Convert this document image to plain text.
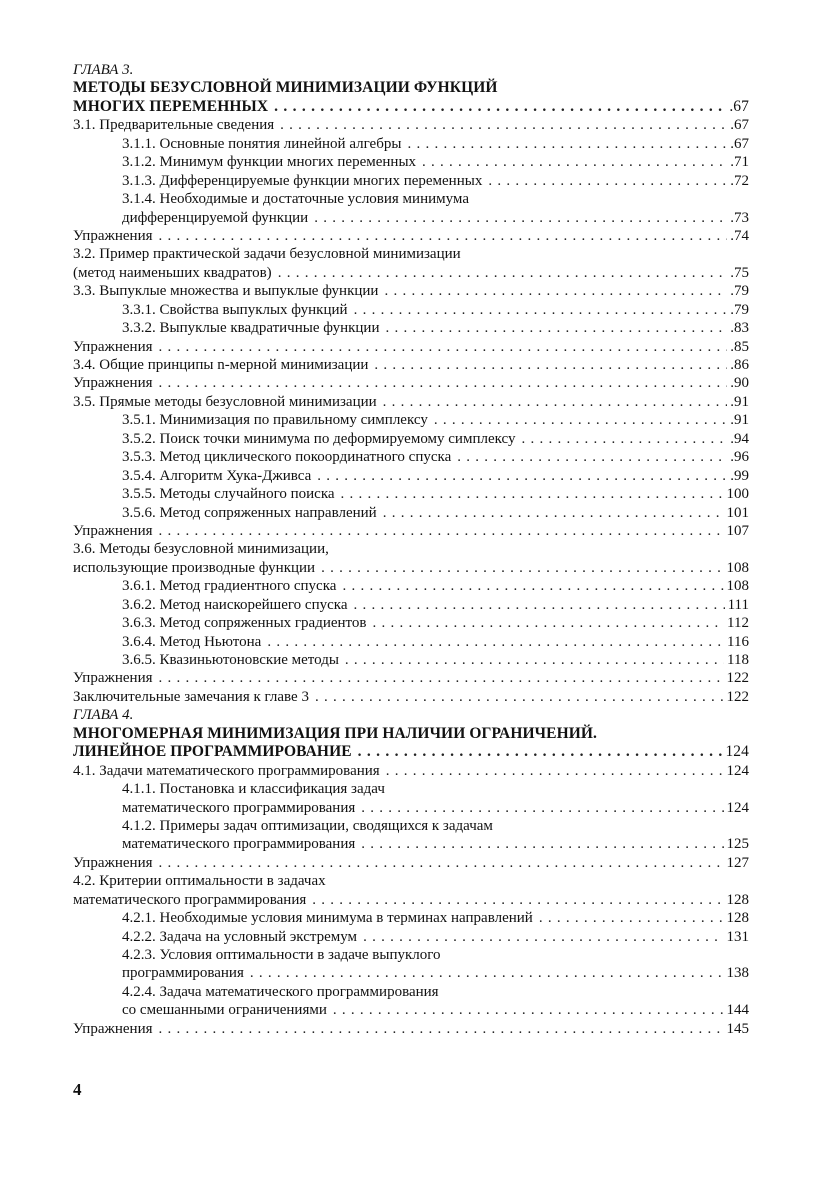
ГЛАВА 3.
МЕТОДЫ БЕЗУСЛОВНОЙ МИНИМИЗАЦИИ ФУНКЦИЙ
МНОГИХ ПЕРЕМЕННЫХ . . .	.67
3.1. Предварительные сведения . . .	.67
3.1.1. Основные понятия линейной алгебры . . .	.67
3.1.2. Минимум функции многих переменных . . .	.71
3.1.3. Дифференцируемые функции многих переменных . . .	.72
3.1.4. Необходимые и достаточные условия минимума
дифференцируемой функции . . .	.73
Упражнения . . .	.74
3.2. Пример практической задачи безусловной минимизации
(метод наименьших квадратов) . . .	.75
3.3. Выпуклые множества и выпуклые функции . . .	.79
3.3.1. Свойства выпуклых функций . . .	.79
3.3.2. Выпуклые квадратичные функции . . .	.83
Упражнения . . .	.85
3.4. Общие принципы n-мерной минимизации . . .	.86
Упражнения . . .	.90
3.5. Прямые методы безусловной минимизации . . .	.91
3.5.1. Минимизация по правильному симплексу . . .	.91
3.5.2. Поиск точки минимума по деформируемому симплексу . . .	.94
3.5.3. Метод циклического покоординатного спуска . . .	.96
3.5.4. Алгоритм Хука-Дживса . . .	.99
3.5.5. Методы случайного поиска . . .	100
3.5.6. Метод сопряженных направлений . . .	101
Упражнения . . .	107
3.6. Методы безусловной минимизации,
использующие производные функции . . .	108
3.6.1. Метод градиентного спуска . . .	108
3.6.2. Метод наискорейшего спуска . . .	111
3.6.3. Метод сопряженных градиентов . . .	112
3.6.4. Метод Ньютона . . .	116
3.6.5. Квазиньютоновские методы . . .	118
Упражнения . . .	122
Заключительные замечания к главе 3 . . .	122
ГЛАВА 4.
МНОГОМЕРНАЯ МИНИМИЗАЦИЯ ПРИ НАЛИЧИИ ОГРАНИЧЕНИЙ.
ЛИНЕЙНОЕ ПРОГРАММИРОВАНИЕ . . .	124
4.1. Задачи математического программирования . . .	124
4.1.1. Постановка и классификация задач
математического программирования . . .	124
4.1.2. Примеры задач оптимизации, сводящихся к задачам
математического программирования . . .	125
Упражнения . . .	127
4.2. Критерии оптимальности в задачах
математического программирования . . .	128
4.2.1. Необходимые условия минимума в терминах направлений . . .	128
4.2.2. Задача на условный экстремум . . .	131
4.2.3. Условия оптимальности в задаче выпуклого
программирования . . .	138
4.2.4. Задача математического программирования
со смешанными ограничениями . . .	144
Упражнения . . .	145
4
